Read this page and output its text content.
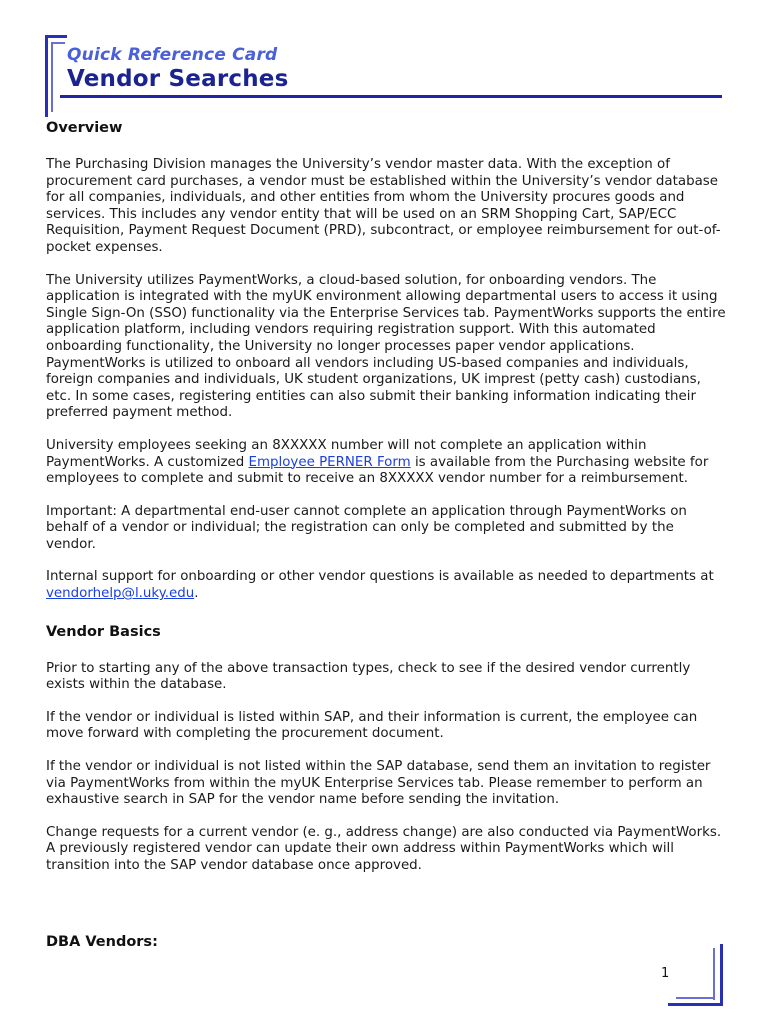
Quick Reference Card
Vendor Searches
Overview

The Purchasing Division manages the University’s vendor master data. With the exception of procurement card purchases, a vendor must be established within the University’s vendor database for all companies, individuals, and other entities from whom the University procures goods and services. This includes any vendor entity that will be used on an SRM Shopping Cart, SAP/ECC Requisition, Payment Request Document (PRD), subcontract, or employee reimbursement for out-of-pocket expenses.

The University utilizes PaymentWorks, a cloud-based solution, for onboarding vendors. The application is integrated with the myUK environment allowing departmental users to access it using Single Sign-On (SSO) functionality via the Enterprise Services tab. PaymentWorks supports the entire application platform, including vendors requiring registration support. With this automated onboarding functionality, the University no longer processes paper vendor applications. PaymentWorks is utilized to onboard all vendors including US-based companies and individuals, foreign companies and individuals, UK student organizations, UK imprest (petty cash) custodians, etc. In some cases, registering entities can also submit their banking information indicating their preferred payment method.

University employees seeking an 8XXXXX number will not complete an application within PaymentWorks. A customized Employee PERNER Form is available from the Purchasing website for employees to complete and submit to receive an 8XXXXX vendor number for a reimbursement.

Important: A departmental end-user cannot complete an application through PaymentWorks on behalf of a vendor or individual; the registration can only be completed and submitted by the vendor.

Internal support for onboarding or other vendor questions is available as needed to departments at vendorhelp@l.uky.edu.

Vendor Basics

Prior to starting any of the above transaction types, check to see if the desired vendor currently exists within the database.

If the vendor or individual is listed within SAP, and their information is current, the employee can move forward with completing the procurement document.

If the vendor or individual is not listed within the SAP database, send them an invitation to register via PaymentWorks from within the myUK Enterprise Services tab. Please remember to perform an exhaustive search in SAP for the vendor name before sending the invitation.

Change requests for a current vendor (e. g., address change) are also conducted via PaymentWorks. A previously registered vendor can update their own address within PaymentWorks which will transition into the SAP vendor database once approved.

DBA Vendors:
1
